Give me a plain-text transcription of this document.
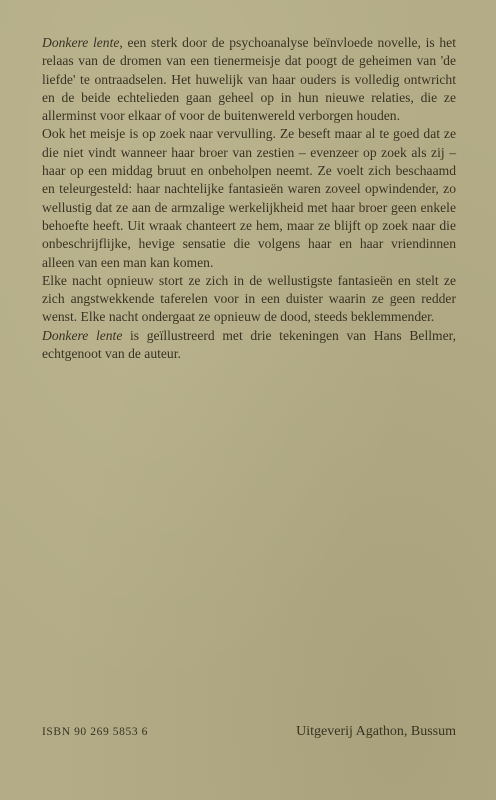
Donkere lente, een sterk door de psychoanalyse beïnvloede novelle, is het relaas van de dromen van een tienermeisje dat poogt de geheimen van 'de liefde' te ontraadselen. Het huwelijk van haar ouders is volledig ontwricht en de beide echtelieden gaan geheel op in hun nieuwe relaties, die ze allerminst voor elkaar of voor de buitenwereld verborgen houden.

Ook het meisje is op zoek naar vervulling. Ze beseft maar al te goed dat ze die niet vindt wanneer haar broer van zestien – evenzeer op zoek als zij – haar op een middag bruut en onbeholpen neemt. Ze voelt zich beschaamd en teleurgesteld: haar nachtelijke fantasieën waren zoveel opwindender, zo wellustig dat ze aan de armzalige werkelijkheid met haar broer geen enkele behoefte heeft. Uit wraak chanteert ze hem, maar ze blijft op zoek naar die onbeschrijflijke, hevige sensatie die volgens haar en haar vriendinnen alleen van een man kan komen.

Elke nacht opnieuw stort ze zich in de wellustigste fantasieën en stelt ze zich angstwekkende taferelen voor in een duister waarin ze geen redder wenst. Elke nacht ondergaat ze opnieuw de dood, steeds beklemmender.

Donkere lente is geïllustreerd met drie tekeningen van Hans Bellmer, echtgenoot van de auteur.

ISBN 90 269 5853 6	Uitgeverij Agathon, Bussum
